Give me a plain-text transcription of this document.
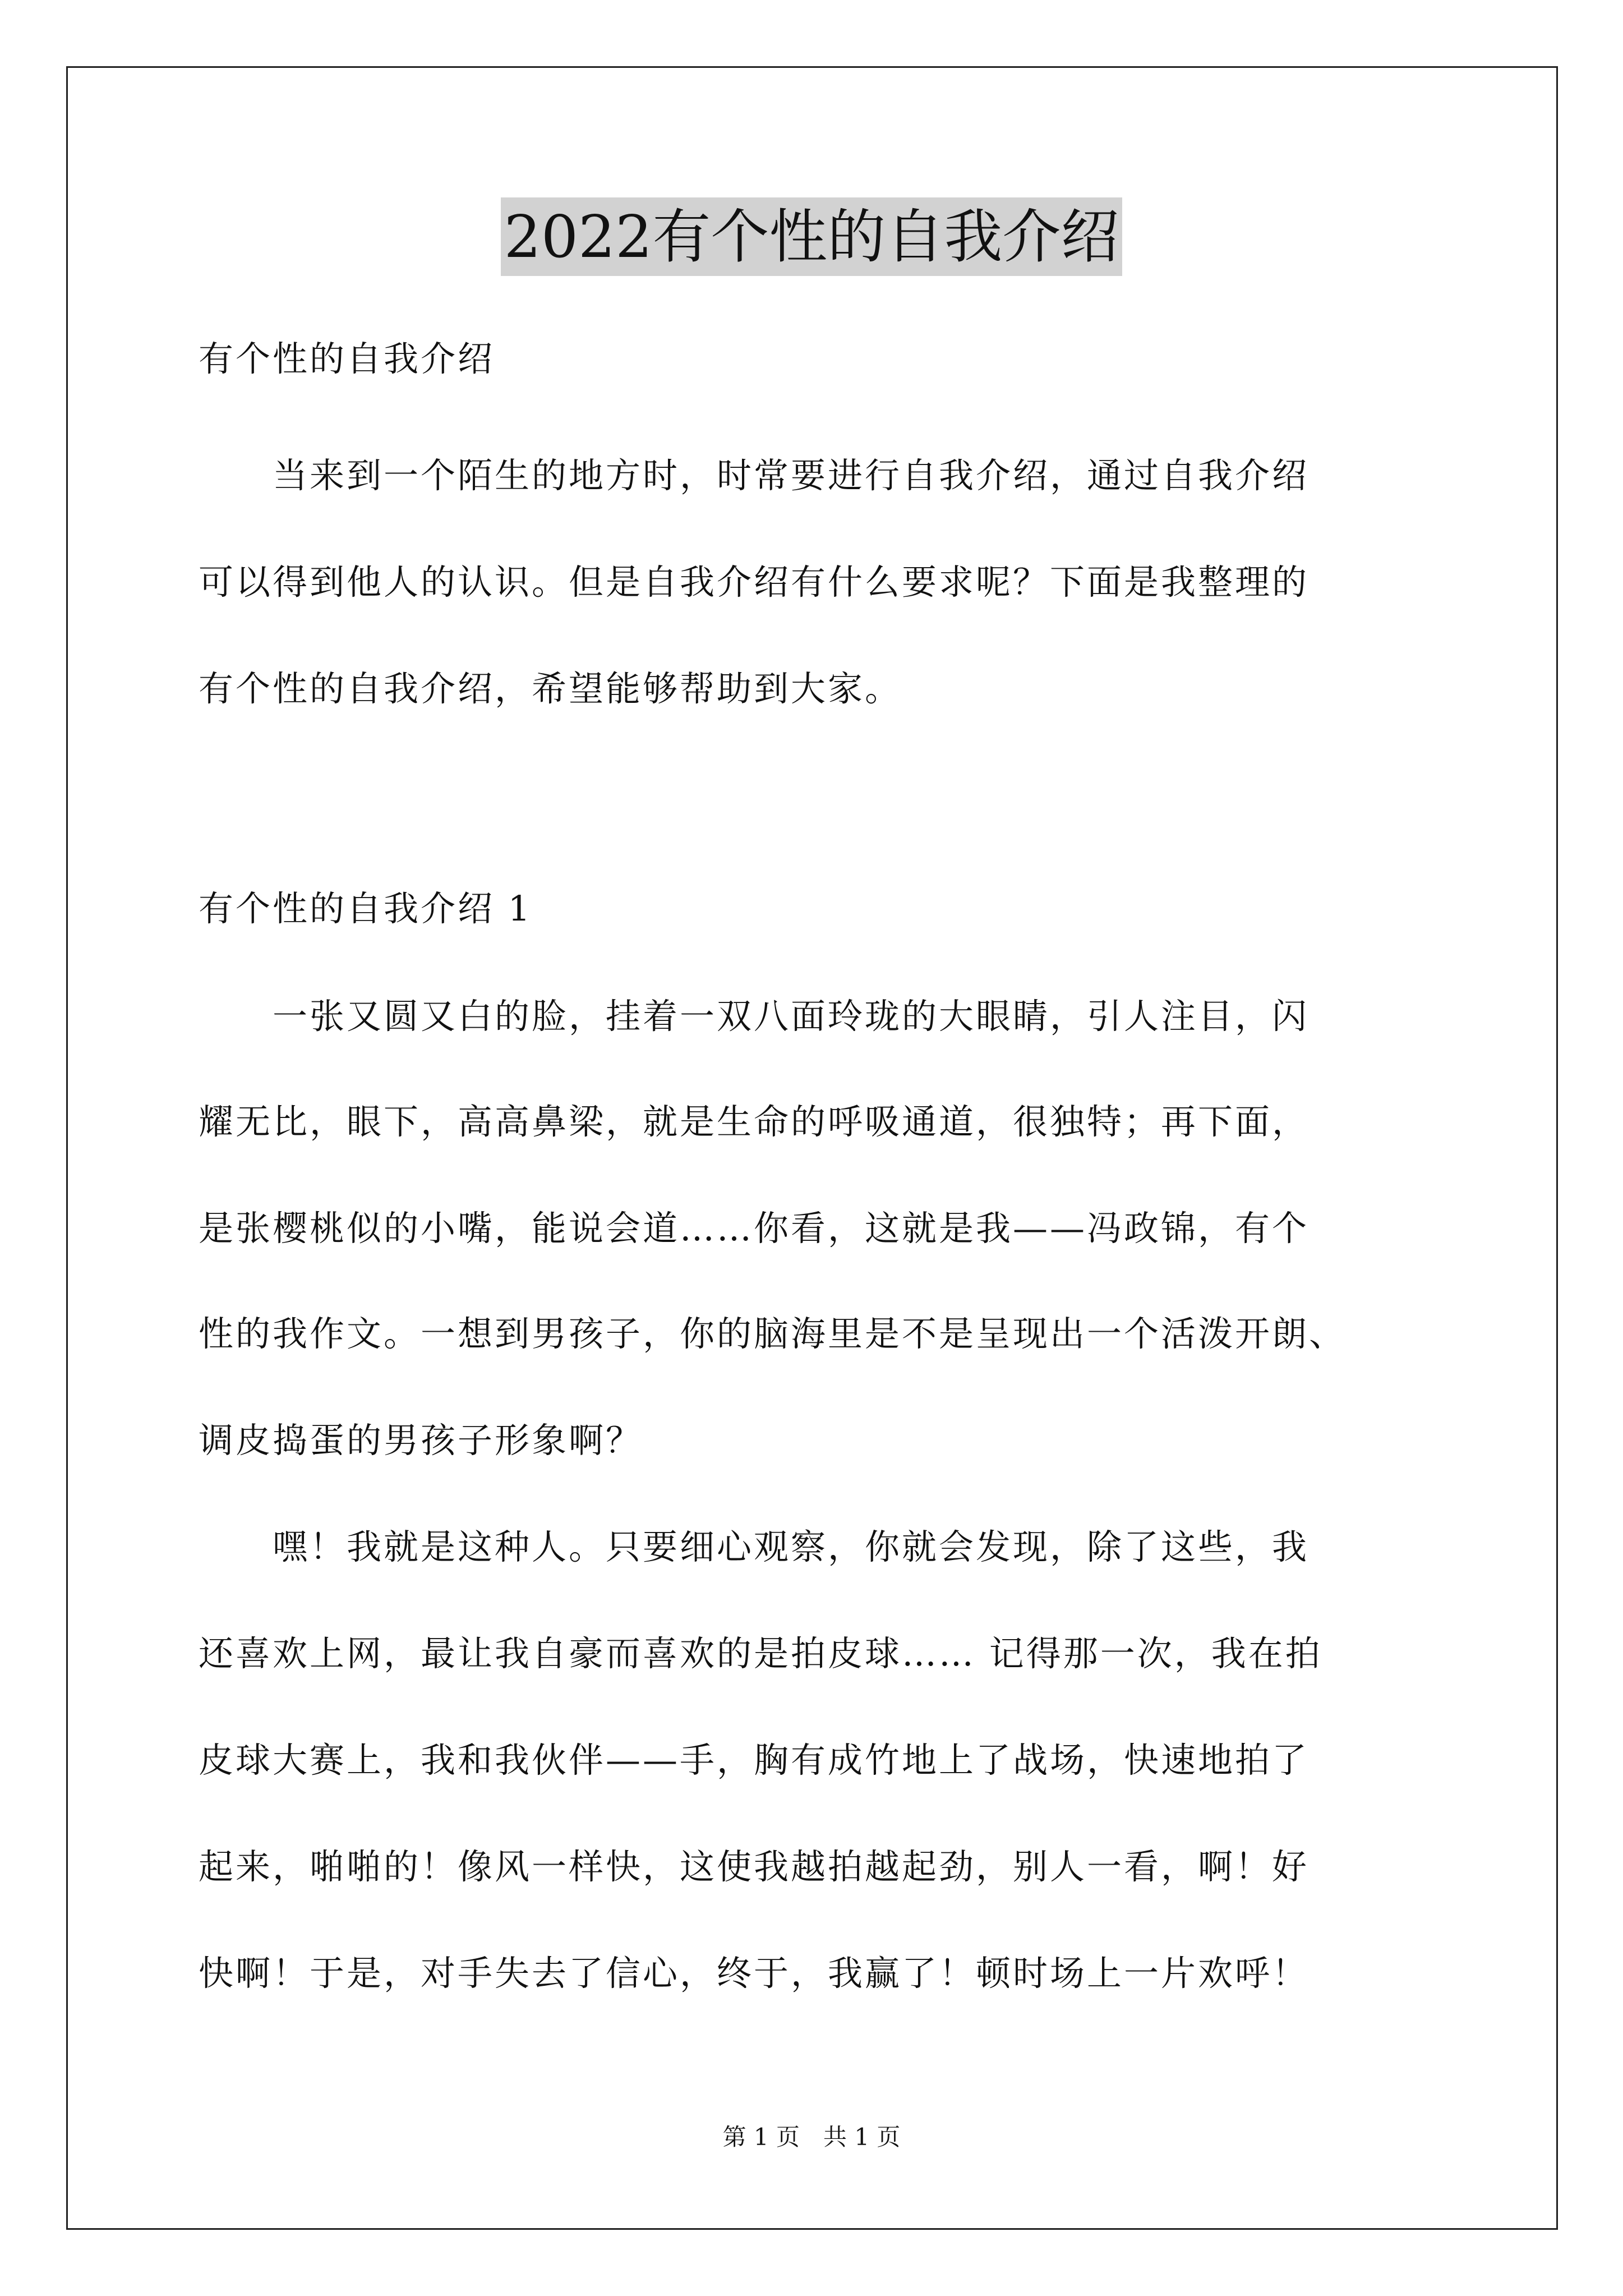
2022有个性的自我介绍
有个性的自我介绍
　　当来到一个陌生的地方时，时常要进行自我介绍，通过自我介绍
可以得到他人的认识。但是自我介绍有什么要求呢？下面是我整理的
有个性的自我介绍，希望能够帮助到大家。
有个性的自我介绍 1
　　一张又圆又白的脸，挂着一双八面玲珑的大眼睛，引人注目，闪
耀无比，眼下，高高鼻梁，就是生命的呼吸通道，很独特；再下面，
是张樱桃似的小嘴，能说会道……你看，这就是我——冯政锦，有个
性的我作文。一想到男孩子，你的脑海里是不是呈现出一个活泼开朗、
调皮捣蛋的男孩子形象啊？
　　嘿！我就是这种人。只要细心观察，你就会发现，除了这些，我
还喜欢上网，最让我自豪而喜欢的是拍皮球…… 记得那一次，我在拍
皮球大赛上，我和我伙伴——手，胸有成竹地上了战场，快速地拍了
起来，啪啪的！像风一样快，这使我越拍越起劲，别人一看，啊！好
快啊！于是，对手失去了信心，终于，我赢了！顿时场上一片欢呼！
第 1 页　共 1 页
